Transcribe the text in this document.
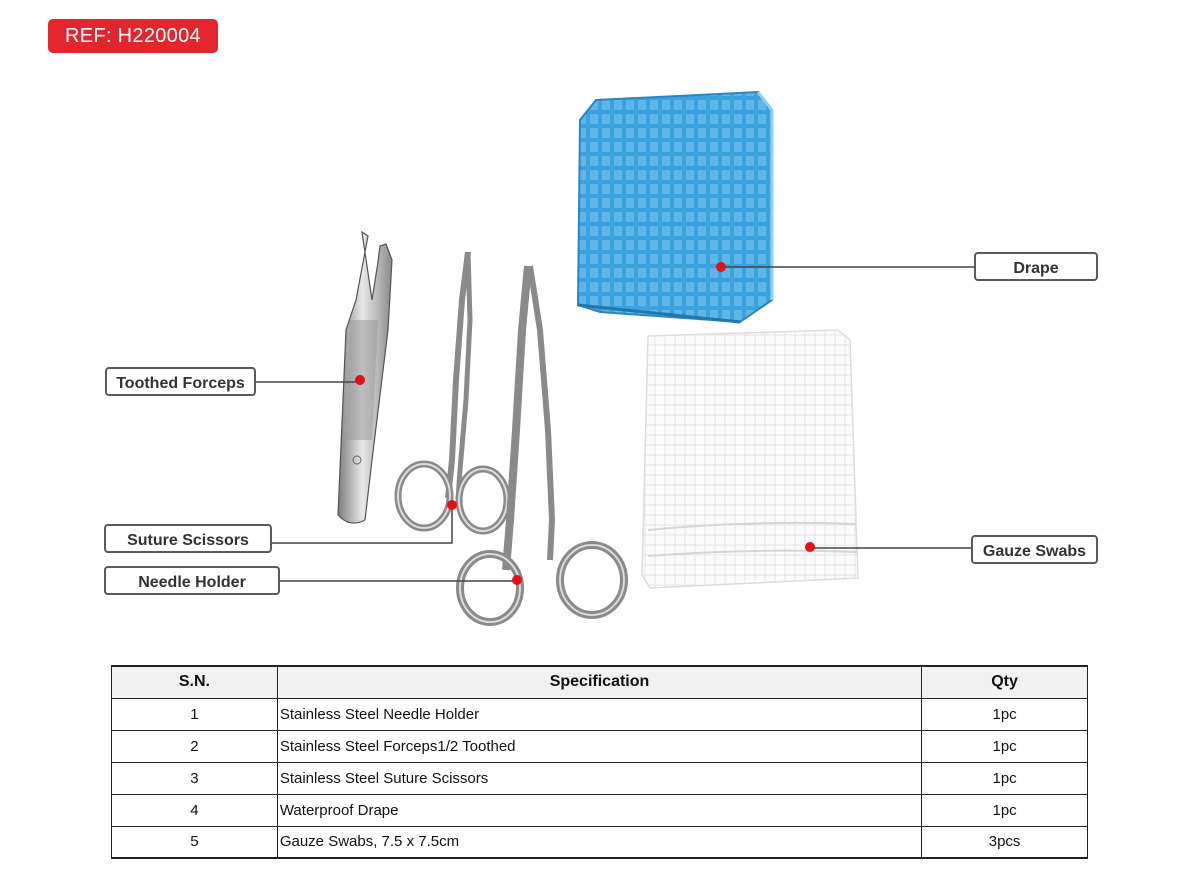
REF: H220004
Drape
Toothed Forceps
Suture Scissors
Needle Holder
Gauze Swabs
S.N.	Specification	Qty
1	Stainless Steel Needle Holder	1pc
2	Stainless Steel Forceps1/2 Toothed	1pc
3	Stainless Steel Suture Scissors	1pc
4	Waterproof Drape	1pc
5	Gauze Swabs, 7.5 x 7.5cm	3pcs
